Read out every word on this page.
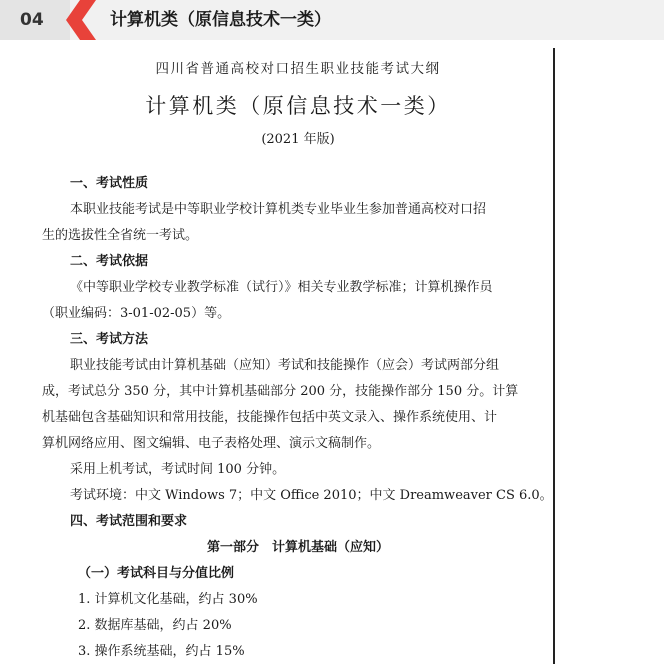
04	计算机类（原信息技术一类）
四川省普通高校对口招生职业技能考试大纲
计算机类（原信息技术一类）
(2021 年版)
一、考试性质
本职业技能考试是中等职业学校计算机类专业毕业生参加普通高校对口招
生的选拔性全省统一考试。
二、考试依据
《中等职业学校专业教学标准（试行）》相关专业教学标准；计算机操作员
（职业编码：3-01-02-05）等。
三、考试方法
职业技能考试由计算机基础（应知）考试和技能操作（应会）考试两部分组
成，考试总分 350 分，其中计算机基础部分 200 分，技能操作部分 150 分。计算
机基础包含基础知识和常用技能，技能操作包括中英文录入、操作系统使用、计
算机网络应用、图文编辑、电子表格处理、演示文稿制作。
采用上机考试，考试时间 100 分钟。
考试环境：中文 Windows 7；中文 Office 2010；中文 Dreamweaver CS 6.0。
四、考试范围和要求
第一部分　计算机基础（应知）
（一）考试科目与分值比例
1. 计算机文化基础，约占 30%
2. 数据库基础，约占 20%
3. 操作系统基础，约占 15%
